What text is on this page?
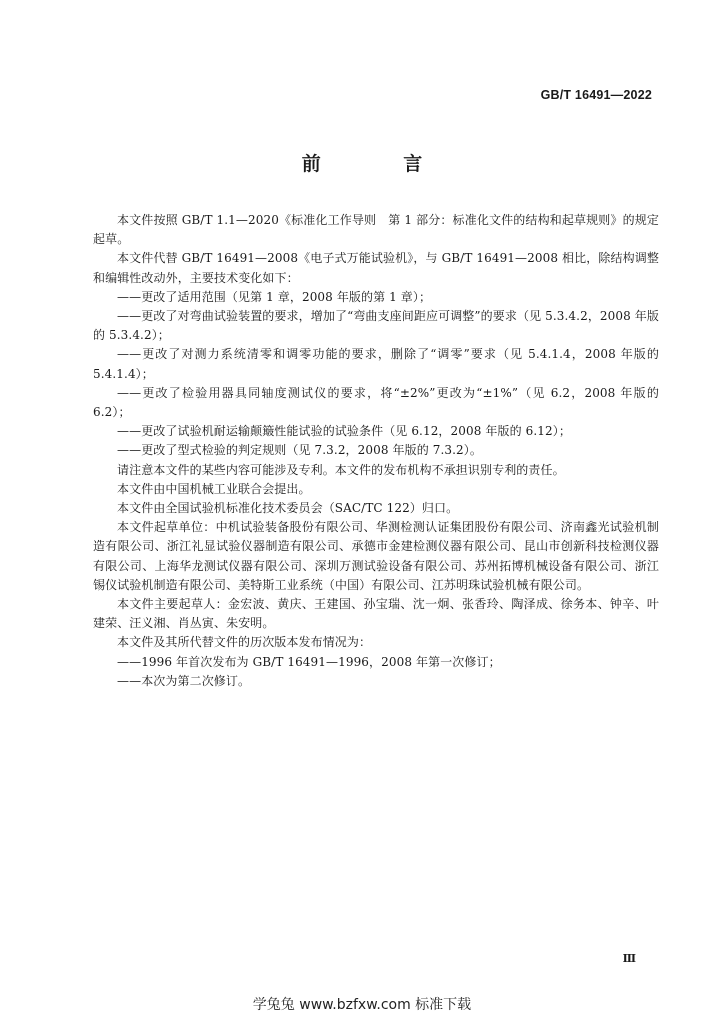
GB/T 16491—2022
前 言

本文件按照 GB/T 1.1—2020《标准化工作导则　第 1 部分：标准化文件的结构和起草规则》的规定起草。

本文件代替 GB/T 16491—2008《电子式万能试验机》，与 GB/T 16491—2008 相比，除结构调整和编辑性改动外，主要技术变化如下：

——更改了适用范围（见第 1 章，2008 年版的第 1 章）；

——更改了对弯曲试验装置的要求，增加了“弯曲支座间距应可调整”的要求（见 5.3.4.2，2008 年版的 5.3.4.2）；

——更改了对测力系统清零和调零功能的要求，删除了“调零”要求（见 5.4.1.4，2008 年版的 5.4.1.4）；

——更改了检验用器具同轴度测试仪的要求，将“±2%”更改为“±1%”（见 6.2，2008 年版的 6.2）；

——更改了试验机耐运输颠簸性能试验的试验条件（见 6.12，2008 年版的 6.12）；

——更改了型式检验的判定规则（见 7.3.2，2008 年版的 7.3.2）。

请注意本文件的某些内容可能涉及专利。本文件的发布机构不承担识别专利的责任。

本文件由中国机械工业联合会提出。

本文件由全国试验机标准化技术委员会（SAC/TC 122）归口。

本文件起草单位：中机试验装备股份有限公司、华测检测认证集团股份有限公司、济南鑫光试验机制造有限公司、浙江礼显试验仪器制造有限公司、承德市金建检测仪器有限公司、昆山市创新科技检测仪器有限公司、上海华龙测试仪器有限公司、深圳万测试验设备有限公司、苏州拓博机械设备有限公司、浙江锡仪试验机制造有限公司、美特斯工业系统（中国）有限公司、江苏明珠试验机械有限公司。

本文件主要起草人：金宏波、黄庆、王建国、孙宝瑞、沈一炯、张香玲、陶泽成、徐务本、钟辛、叶建荣、汪义湘、肖丛寅、朱安明。

本文件及其所代替文件的历次版本发布情况为：

——1996 年首次发布为 GB/T 16491—1996，2008 年第一次修订；

——本次为第二次修订。

Ⅲ
学兔兔 www.bzfxw.com 标准下载
